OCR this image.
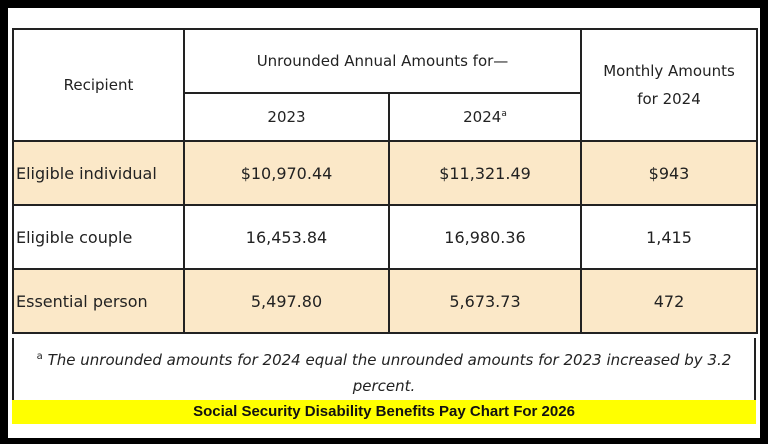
Recipient	Unrounded Annual Amounts for—		Monthly Amounts for 2024
	2023	2024$^a$
Eligible individual	$10,970.44	$11,321.49	$943
Eligible couple	16,453.84	16,980.36	1,415
Essential person	5,497.80	5,673.73	472
$^a$ The unrounded amounts for 2024 equal the unrounded amounts for 2023 increased by 3.2 percent.
Social Security Disability Benefits Pay Chart For 2026
